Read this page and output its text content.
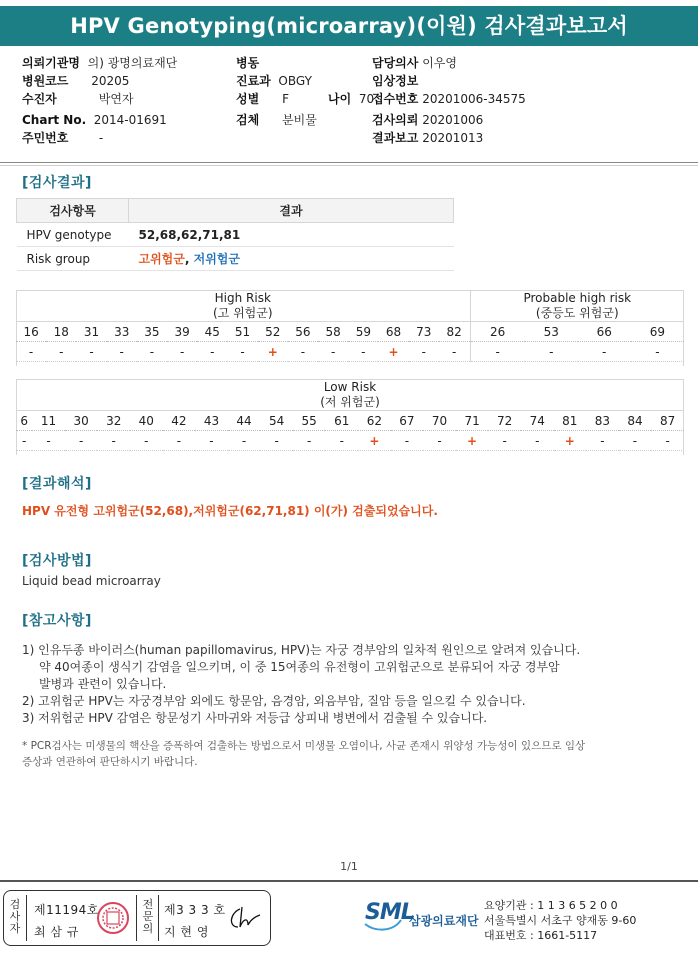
HPV Genotyping(microarray)(이원) 검사결과보고서
의뢰기관명 의) 광명의료재단
병원코드 20205
수진자	박연자
Chart No. 2014-01691
주민번호	-
병동
진료과 OBGY
성별 F	나이 70
검체 분비물
담당의사 이우영
임상정보
접수번호 20201006-34575
검사의뢰 20201006
결과보고 20201013
[검사결과]
검사항목	결과
HPV genotype	52,68,62,71,81
Risk group	고위험군, 저위험군
High Risk
(고 위험군)															Probable high risk
(중등도 위험군)			
16	18	31	33	35	39	45	51	52	56	58	59	68	73	82	26	53	66	69
-	-	-	-	-	-	-	-	+	-	-	-	+	-	-	-	-	-	-
Low Risk
(저 위험군)																				
6	11	30	32	40	42	43	44	54	55	61	62	67	70	71	72	74	81	83	84	87
-	-	-	-	-	-	-	-	-	-	-	+	-	-	+	-	-	+	-	-	-
[결과해석]
HPV 유전형 고위험군(52,68),저위험군(62,71,81) 이(가) 검출되었습니다.
[검사방법]
Liquid bead microarray
[참고사항]
1) 인유두종 바이러스(human papillomavirus, HPV)는 자궁 경부암의 일차적 원인으로 알려져 있습니다.
약 40여종이 생식기 감염을 일으키며, 이 중 15여종의 유전형이 고위험군으로 분류되어 자궁 경부암
발병과 관련이 있습니다.
2) 고위험군 HPV는 자궁경부암 외에도 항문암, 음경암, 외음부암, 질암 등을 일으킬 수 있습니다.
3) 저위험군 HPV 감염은 항문성기 사마귀와 저등급 상피내 병변에서 검출될 수 있습니다.
* PCR검사는 미생물의 핵산을 증폭하여 검출하는 방법으로서 미생물 오염이나, 사균 존재시 위양성 가능성이 있으므로 임상
증상과 연관하여 판단하시기 바랍니다.
1/1
검
사
자
제11194호
최 삼 규
전
문
의
제3 3 3 호
지 현 영
SML
삼광의료재단
요양기관 : 1 1 3 6 5 2 0 0
서울특별시 서초구 양재동 9-60
대표번호 : 1661-5117
